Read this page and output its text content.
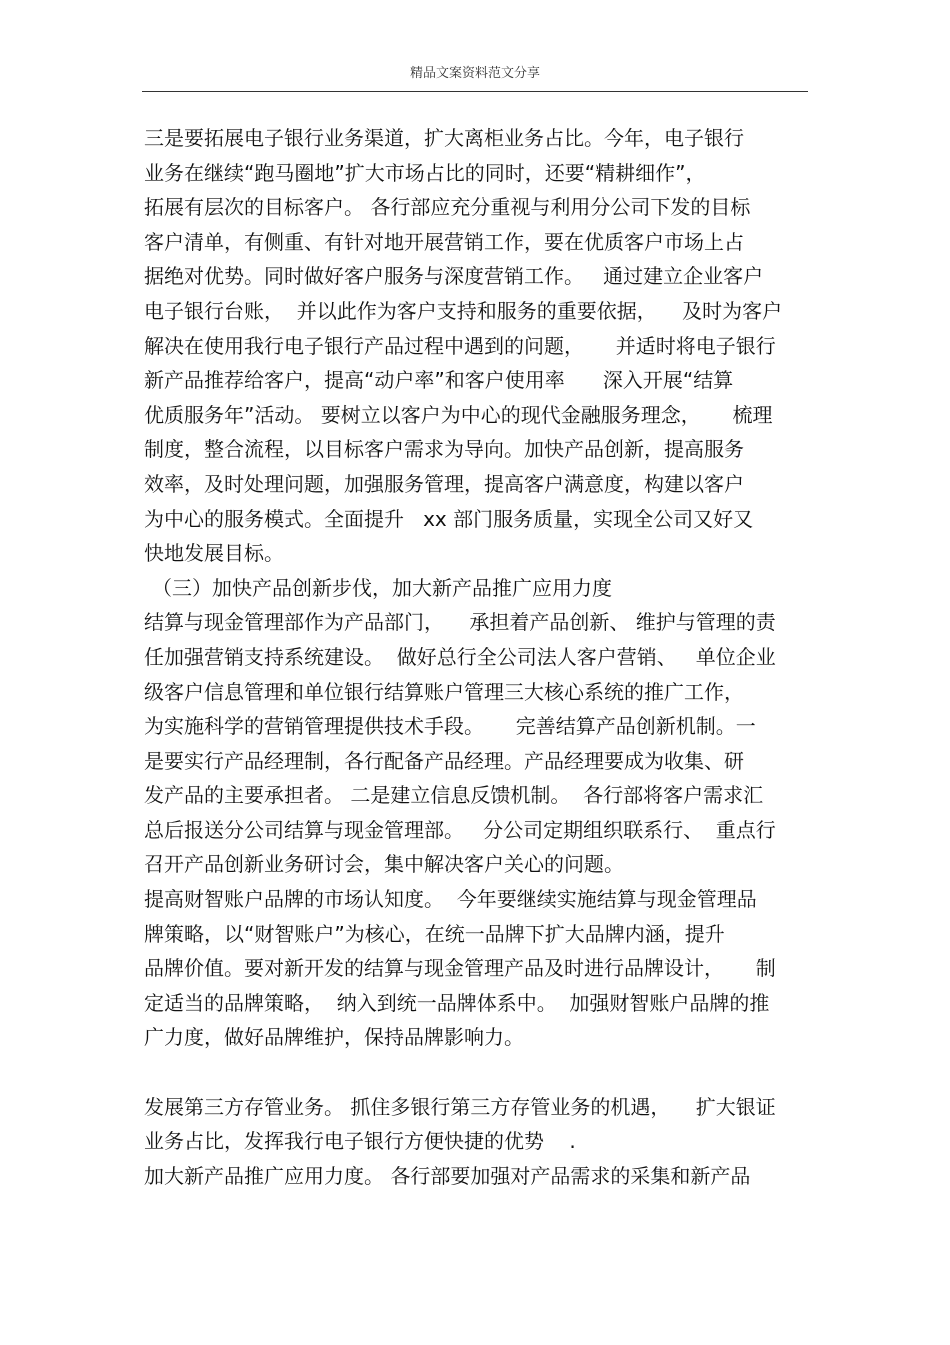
精品文案资料范文分享
三是要拓展电子银行业务渠道，扩大离柜业务占比。今年，电子银行
业务在继续“跑马圈地”扩大市场占比的同时，还要“精耕细作”，
拓展有层次的目标客户。 各行部应充分重视与利用分公司下发的目标
客户清单，有侧重、有针对地开展营销工作，要在优质客户市场上占
据绝对优势。同时做好客户服务与深度营销工作。   通过建立企业客户
电子银行台账，  并以此作为客户支持和服务的重要依据，    及时为客户
解决在使用我行电子银行产品过程中遇到的问题，     并适时将电子银行
新产品推荐给客户，提高“动户率”和客户使用率      深入开展“结算
优质服务年”活动。 要树立以客户为中心的现代金融服务理念，     梳理
制度，整合流程，以目标客户需求为导向。加快产品创新，提高服务
效率，及时处理问题，加强服务管理，提高客户满意度，构建以客户
为中心的服务模式。全面提升   xx 部门服务质量，实现全公司又好又
快地发展目标。
（三）加快产品创新步伐，加大新产品推广应用力度
结算与现金管理部作为产品部门，    承担着产品创新、 维护与管理的责
任加强营销支持系统建设。  做好总行全公司法人客户营销、   单位企业
级客户信息管理和单位银行结算账户管理三大核心系统的推广工作，
为实施科学的营销管理提供技术手段。     完善结算产品创新机制。一
是要实行产品经理制，各行配备产品经理。产品经理要成为收集、研
发产品的主要承担者。 二是建立信息反馈机制。  各行部将客户需求汇
总后报送分公司结算与现金管理部。   分公司定期组织联系行、  重点行
召开产品创新业务研讨会，集中解决客户关心的问题。
提高财智账户品牌的市场认知度。  今年要继续实施结算与现金管理品
牌策略，以“财智账户”为核心，在统一品牌下扩大品牌内涵，提升
品牌价值。要对新开发的结算与现金管理产品及时进行品牌设计，     制
定适当的品牌策略，  纳入到统一品牌体系中。  加强财智账户品牌的推
广力度，做好品牌维护，保持品牌影响力。
发展第三方存管业务。 抓住多银行第三方存管业务的机遇，    扩大银证
业务占比，发挥我行电子银行方便快捷的优势    .
加大新产品推广应用力度。 各行部要加强对产品需求的采集和新产品
